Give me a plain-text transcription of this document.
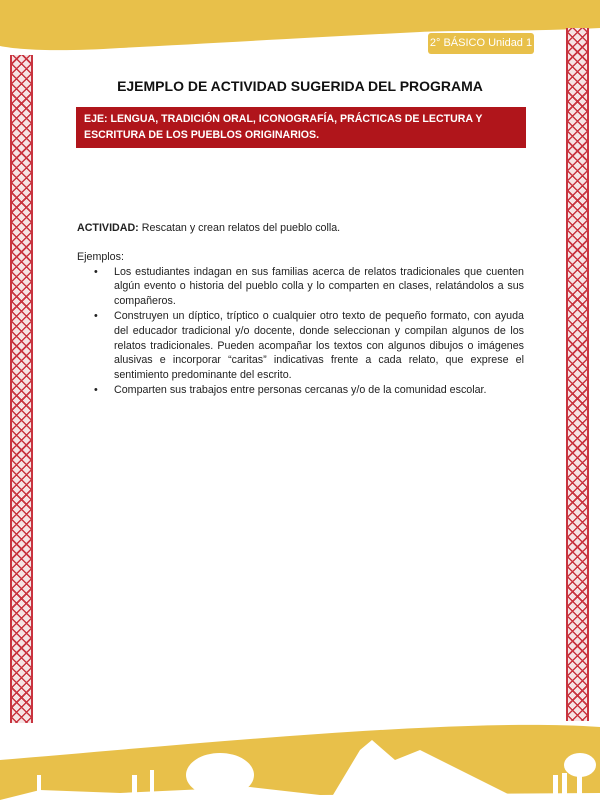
2° BÁSICO Unidad 1
EJEMPLO DE ACTIVIDAD SUGERIDA DEL PROGRAMA
EJE: LENGUA, TRADICIÓN ORAL, ICONOGRAFÍA, PRÁCTICAS DE LECTURA Y ESCRITURA DE LOS PUEBLOS ORIGINARIOS.

ACTIVIDAD: Rescatan y crean relatos del pueblo colla.

Ejemplos:

• Los estudiantes indagan en sus familias acerca de relatos tradicionales que cuenten algún evento o historia del pueblo colla y lo comparten en clases, relatándolos a sus compañeros.
• Construyen un díptico, tríptico o cualquier otro texto de pequeño formato, con ayuda del educador tradicional y/o docente, donde seleccionan y compilan algunos de los relatos tradicionales. Pueden acompañar los textos con algunos dibujos o imágenes alusivas e incorporar “caritas” indicativas frente a cada relato, que exprese el sentimiento predominante del escrito.
• Comparten sus trabajos entre personas cercanas y/o de la comunidad escolar.
